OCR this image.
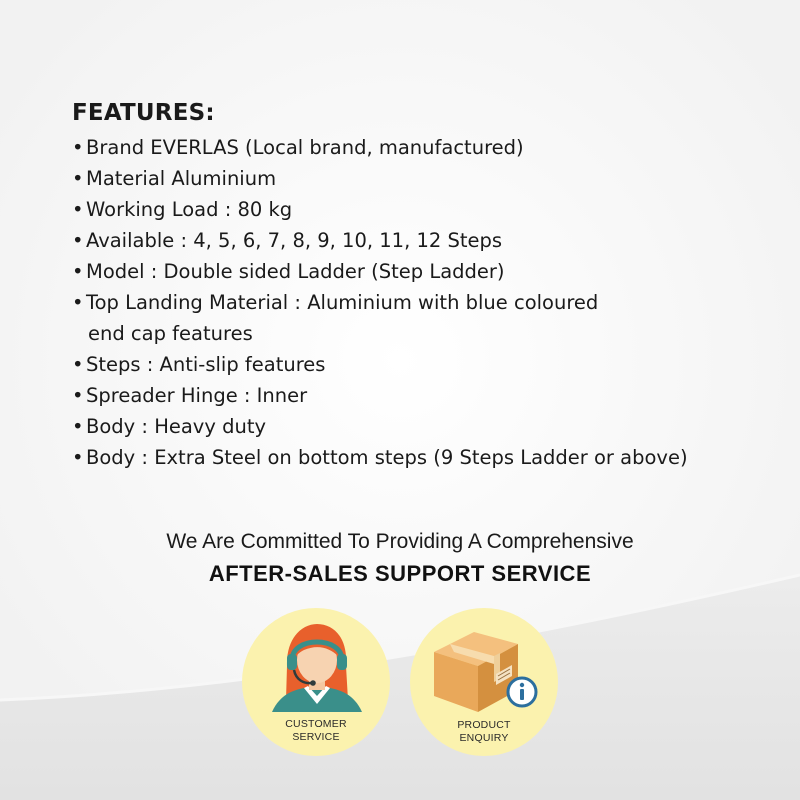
FEATURES:
• Brand EVERLAS (Local brand, manufactured)
• Material Aluminium
• Working Load : 80 kg
• Available : 4, 5, 6, 7, 8, 9, 10, 11, 12 Steps
• Model : Double sided Ladder (Step Ladder)
• Top Landing Material : Aluminium with blue coloured
end cap features
• Steps : Anti-slip features
• Spreader Hinge : Inner
• Body : Heavy duty
• Body : Extra Steel on bottom steps (9 Steps Ladder or above)
We Are Committed To Providing A Comprehensive
AFTER-SALES SUPPORT SERVICE
CUSTOMER
SERVICE
PRODUCT
ENQUIRY
